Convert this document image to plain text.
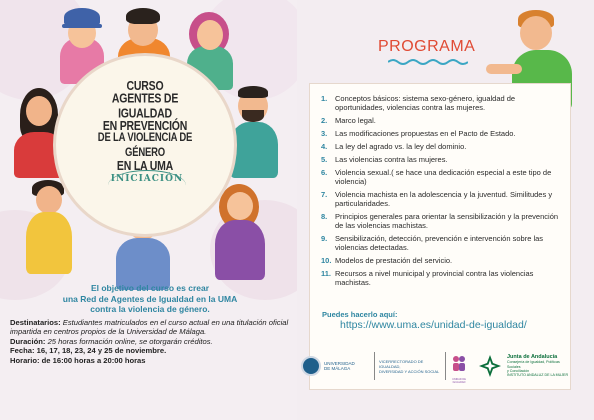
CURSO
AGENTES DE IGUALDAD
EN PREVENCIÓN
DE LA VIOLENCIA DE GÉNERO
EN LA UMA
INICIACIÓN
El objetivo del curso es crear
una Red de Agentes de Igualdad en la UMA
contra la violencia de género.

Destinatarios: Estudiantes matriculados en el curso actual en una titulación oficial impartida en centros propios de la Universidad de Málaga.

Duración: 25 horas formación online, se otorgarán créditos.

Fecha: 16, 17, 18, 23, 24 y 25 de noviembre.

Horario: de 16:00 horas a 20:00 horas

PROGRAMA
1.	Conceptos básicos: sistema sexo-género, igualdad de oportunidades, violencias contra las mujeres.
2.	Marco legal.
3.	Las modificaciones propuestas en el Pacto de Estado.
4.	La ley del agrado vs. la ley del dominio.
5.	Las violencias contra las mujeres.
6.	Violencia sexual.( se hace una dedicación especial a este tipo de violencia)
7.	Violencia machista en la adolescencia y la juventud. Similitudes y particularidades.
8.	Principios generales para orientar la sensibilización y la prevención de las violencias machistas.
9.	Sensibilización, detección, prevención e intervención sobre las violencias detectadas.
10. Modelos de prestación del servicio.
11. Recursos a nivel municipal y provincial contra las violencias machistas.
Puedes hacerlo aquí:
https://www.uma.es/unidad-de-igualdad/
UNIVERSIDAD
DE MÁLAGA
VICERRECTORADO DE IGUALDAD,
DIVERSIDAD Y ACCIÓN SOCIAL
UNIDAD DE IGUALDAD
Junta de Andalucía
Consejería de Igualdad, Políticas Sociales
y Conciliación
INSTITUTO ANDALUZ DE LA MUJER
